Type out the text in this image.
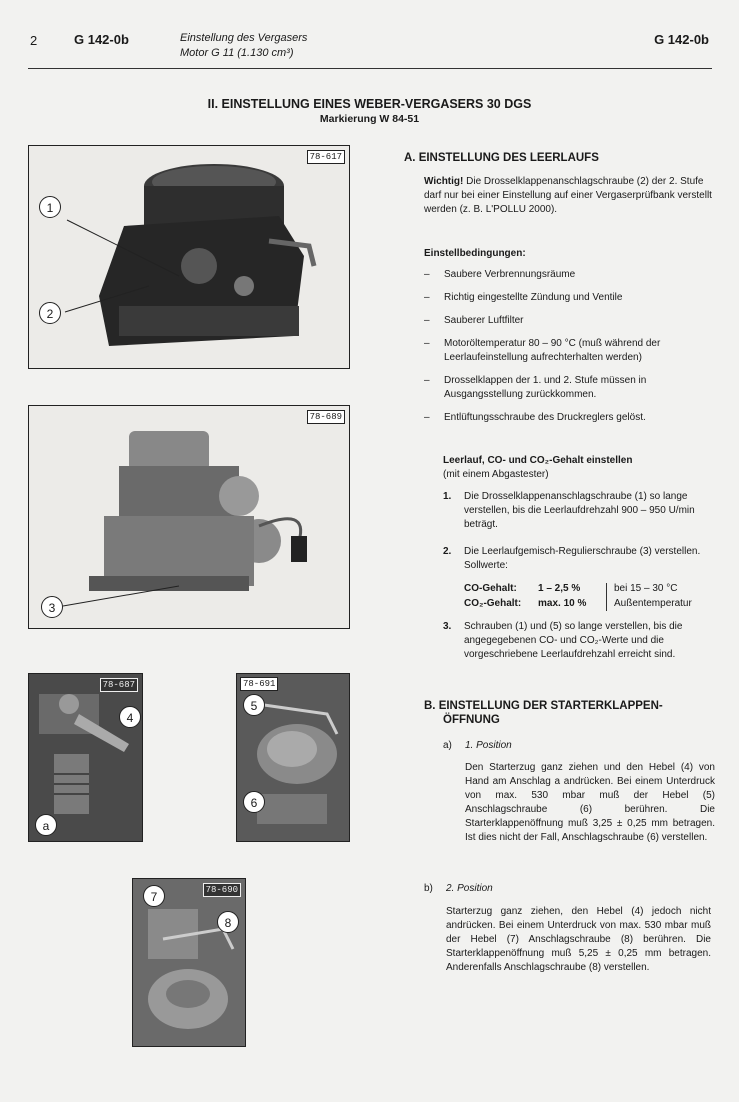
2	G 142-0b	Einstellung des Vergasers
Motor G 11 (1.130 cm³)
G 142-0b
II. EINSTELLUNG EINES WEBER-VERGASERS 30 DGS
Markierung W 84-51
78-617
1
2
78-689
3
78-687
4
a
78-691
5
6
78-690
7
8
A. EINSTELLUNG DES LEERLAUFS
Wichtig! Die Drosselklappenanschlagschraube (2) der 2. Stufe darf nur bei einer Einstellung auf einer Vergaserprüfbank verstellt werden (z. B. L'POLLU 2000).
Einstellbedingungen:
– Saubere Verbrennungsräume
– Richtig eingestellte Zündung und Ventile
– Sauberer Luftfilter
– Motoröltemperatur 80 – 90 °C (muß während der Leerlaufeinstellung aufrechterhalten werden)
– Drosselklappen der 1. und 2. Stufe müssen in Ausgangsstellung zurückkommen.
– Entlüftungsschraube des Druckreglers gelöst.
Leerlauf, CO- und CO₂-Gehalt einstellen
(mit einem Abgastester)
1. Die Drosselklappenanschlagschraube (1) so lange verstellen, bis die Leerlaufdrehzahl 900 – 950 U/min beträgt.
2. Die Leerlaufgemisch-Regulierschraube (3) verstellen. Sollwerte:
CO-Gehalt: 1 – 2,5 %
CO₂-Gehalt: max. 10 %
bei 15 – 30 °C
Außentemperatur
3. Schrauben (1) und (5) so lange verstellen, bis die angegegebenen CO- und CO₂-Werte und die vorgeschriebene Leerlaufdrehzahl erreicht sind.
B. EINSTELLUNG DER STARTERKLAPPEN-
ÖFFNUNG
a) 1. Position
Den Starterzug ganz ziehen und den Hebel (4) von Hand am Anschlag a andrücken. Bei einem Unterdruck von max. 530 mbar muß der Hebel (5) Anschlagschraube (6) berühren. Die Starterklappenöffnung muß 3,25 ± 0,25 mm betragen. Ist dies nicht der Fall, Anschlagschraube (6) verstellen.
b) 2. Position
Starterzug ganz ziehen, den Hebel (4) jedoch nicht andrücken. Bei einem Unterdruck von max. 530 mbar muß der Hebel (7) Anschlagschraube (8) berühren. Die Starterklappenöffnung muß 5,25 ± 0,25 mm betragen. Anderenfalls Anschlagschraube (8) verstellen.
